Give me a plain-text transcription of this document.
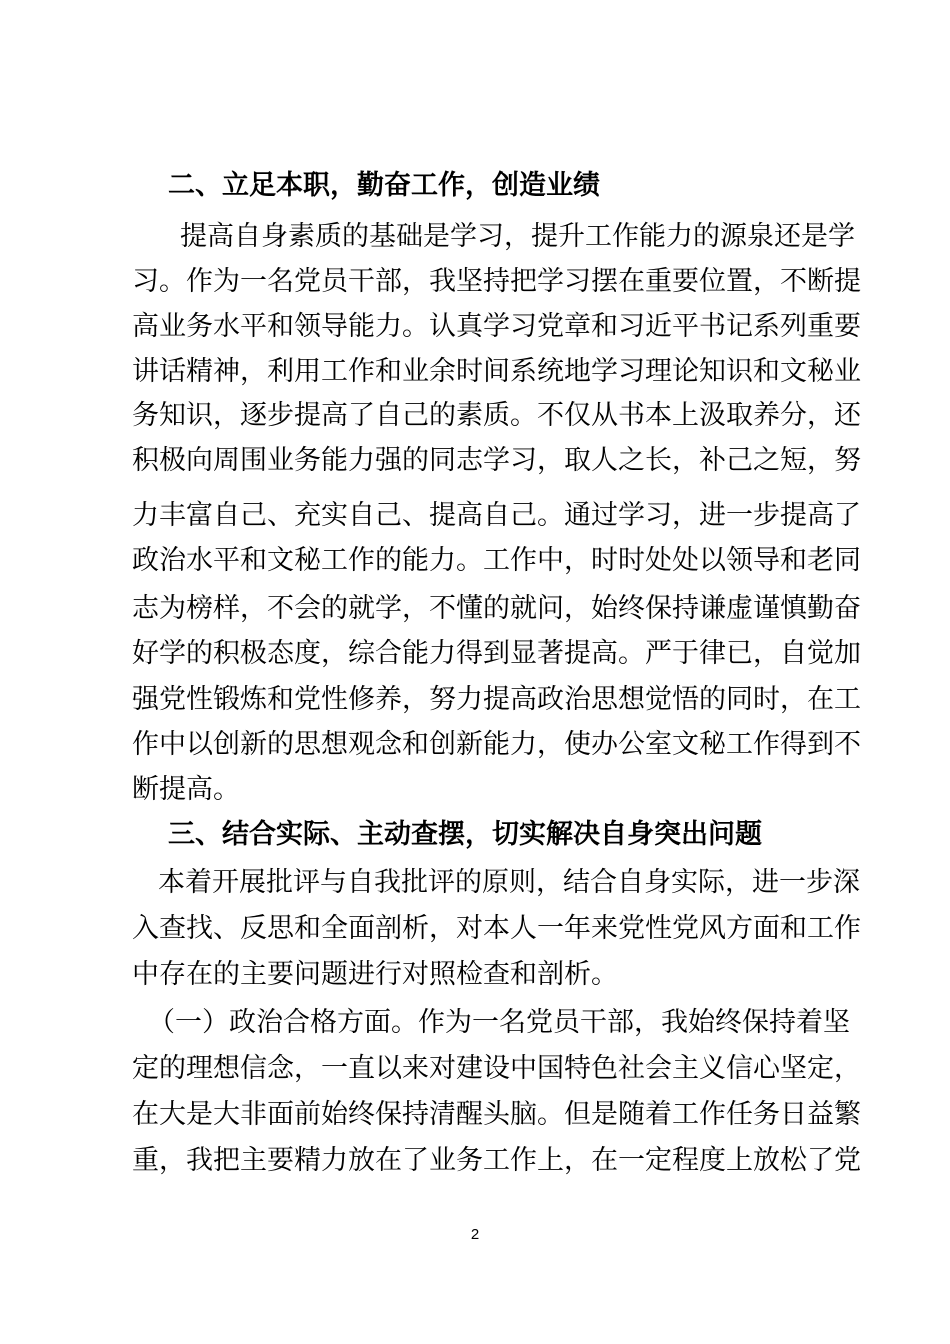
二、立足本职，勤奋工作，创造业绩
提高自身素质的基础是学习，提升工作能力的源泉还是学
习。作为一名党员干部，我坚持把学习摆在重要位置，不断提
高业务水平和领导能力。认真学习党章和习近平书记系列重要
讲话精神，利用工作和业余时间系统地学习理论知识和文秘业
务知识，逐步提高了自己的素质。不仅从书本上汲取养分，还
积极向周围业务能力强的同志学习，取人之长，补己之短，努
力丰富自己、充实自己、提高自己。通过学习，进一步提高了
政治水平和文秘工作的能力。工作中，时时处处以领导和老同
志为榜样，不会的就学，不懂的就问，始终保持谦虚谨慎勤奋
好学的积极态度，综合能力得到显著提高。严于律已，自觉加
强党性锻炼和党性修养，努力提高政治思想觉悟的同时，在工
作中以创新的思想观念和创新能力，使办公室文秘工作得到不
断提高。
三、结合实际、主动查摆，切实解决自身突出问题
本着开展批评与自我批评的原则，结合自身实际，进一步深
入查找、反思和全面剖析，对本人一年来党性党风方面和工作
中存在的主要问题进行对照检查和剖析。
（一）政治合格方面。作为一名党员干部，我始终保持着坚
定的理想信念，一直以来对建设中国特色社会主义信心坚定，
在大是大非面前始终保持清醒头脑。但是随着工作任务日益繁
重，我把主要精力放在了业务工作上，在一定程度上放松了党
2
